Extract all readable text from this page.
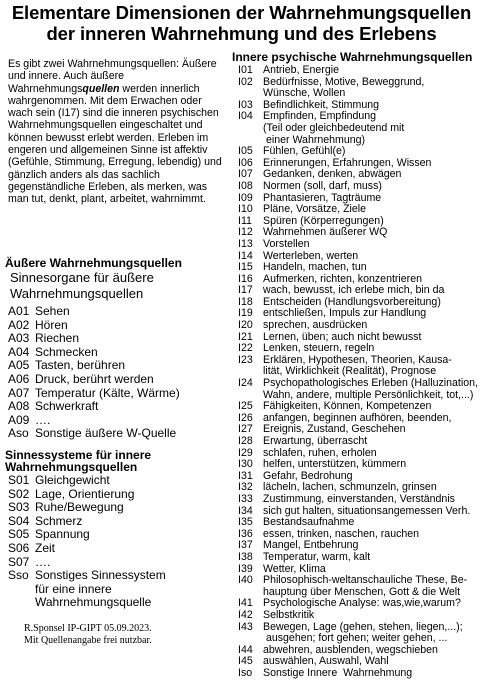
Elementare Dimensionen der Wahrnehmungsquellen
der inneren Wahrnehmung und des Erlebens
Es gibt zwei Wahrnehmungsquellen: Äußere und innere. Auch äußere Wahrnehmungsquellen werden innerlich wahrgenommen. Mit dem Erwachen oder wach sein (I17) sind die inneren psychischen Wahrnehmungsquellen eingeschaltet und können bewusst erlebt werden. Erleben im engeren und allgemeinen Sinne ist affektiv (Gefühle, Stimmung, Erregung, lebendig) und gänzlich anders als das sachlich gegenständliche Erleben, als merken, was man tut, denkt, plant, arbeitet, wahrnimmt.
Äußere Wahrnehmungsquellen
Sinnesorgane für äußere
Wahrnehmungsquellen
A01 Sehen
A02 Hören
A03 Riechen
A04 Schmecken
A05 Tasten, berühren
A06 Druck, berührt werden
A07 Temperatur (Kälte, Wärme)
A08 Schwerkraft
A09 ….
Aso Sonstige äußere W-Quelle
Sinnessysteme für innere
Wahrnehmungsquellen
S01 Gleichgewicht
S02 Lage, Orientierung
S03 Ruhe/Bewegung
S04 Schmerz
S05 Spannung
S06 Zeit
S07 ….
Sso Sonstiges Sinnessystem
für eine innere
Wahrnehmungsquelle
R.Sponsel IP-GIPT 05.09.2023.
Mit Quellenangabe frei nutzbar.
Innere psychische Wahrnehmungsquellen
I01 Antrieb, Energie
I02 Bedürfnisse, Motive, Beweggrund,
Wünsche, Wollen
I03 Befindlichkeit, Stimmung
I04 Empfinden, Empfindung
(Teil oder gleichbedeutend mit
einer Wahrnehmung)
I05 Fühlen, Gefühl(e)
I06 Erinnerungen, Erfahrungen, Wissen
I07 Gedanken, denken, abwägen
I08 Normen (soll, darf, muss)
I09 Phantasieren, Tagträume
I10 Pläne, Vorsätze, Ziele
I11	Spüren (Körperregungen)
I12 Wahrnehmen äußerer WQ
I13 Vorstellen
I14 Werterleben, werten
I15 Handeln, machen, tun
I16 Aufmerken, richten, konzentrieren
I17 wach, bewusst, ich erlebe mich, bin da
I18 Entscheiden (Handlungsvorbereitung)
I19 entschließen, Impuls zur Handlung
I20 sprechen, ausdrücken
I21 Lernen, üben; auch nicht bewusst
I22 Lenken, steuern, regeln
I23 Erklären, Hypothesen, Theorien, Kausa-
lität, Wirklichkeit (Realität), Prognose
I24 Psychopathologisches Erleben (Halluzination,
Wahn, andere, multiple Persönlichkeit, tot,...)
I25 Fähigkeiten, Können, Kompetenzen
I26 anfangen, beginnen aufhören, beenden,
I27 Ereignis, Zustand, Geschehen
I28 Erwartung, überrascht
I29 schlafen, ruhen, erholen
I30 helfen, unterstützen, kümmern
I31 Gefahr, Bedrohung
I32 lächeln, lachen, schmunzeln, grinsen
I33 Zustimmung, einverstanden, Verständnis
I34 sich gut halten, situationsangemessen Verh.
I35 Bestandsaufnahme
I36 essen, trinken, naschen, rauchen
I37 Mangel, Entbehrung
I38 Temperatur, warm, kalt
I39 Wetter, Klima
I40 Philosophisch-weltanschauliche These, Be-
hauptung über Menschen, Gott & die Welt
I41 Psychologische Analyse: was,wie,warum?
I42 Selbstkritik
I43 Bewegen, Lage (gehen, stehen, liegen,...);
ausgehen; fort gehen; weiter gehen, ...
I44 abwehren, ausblenden, wegschieben
I45 auswählen, Auswahl, Wahl
Iso	Sonstige Innere  Wahrnehmung
